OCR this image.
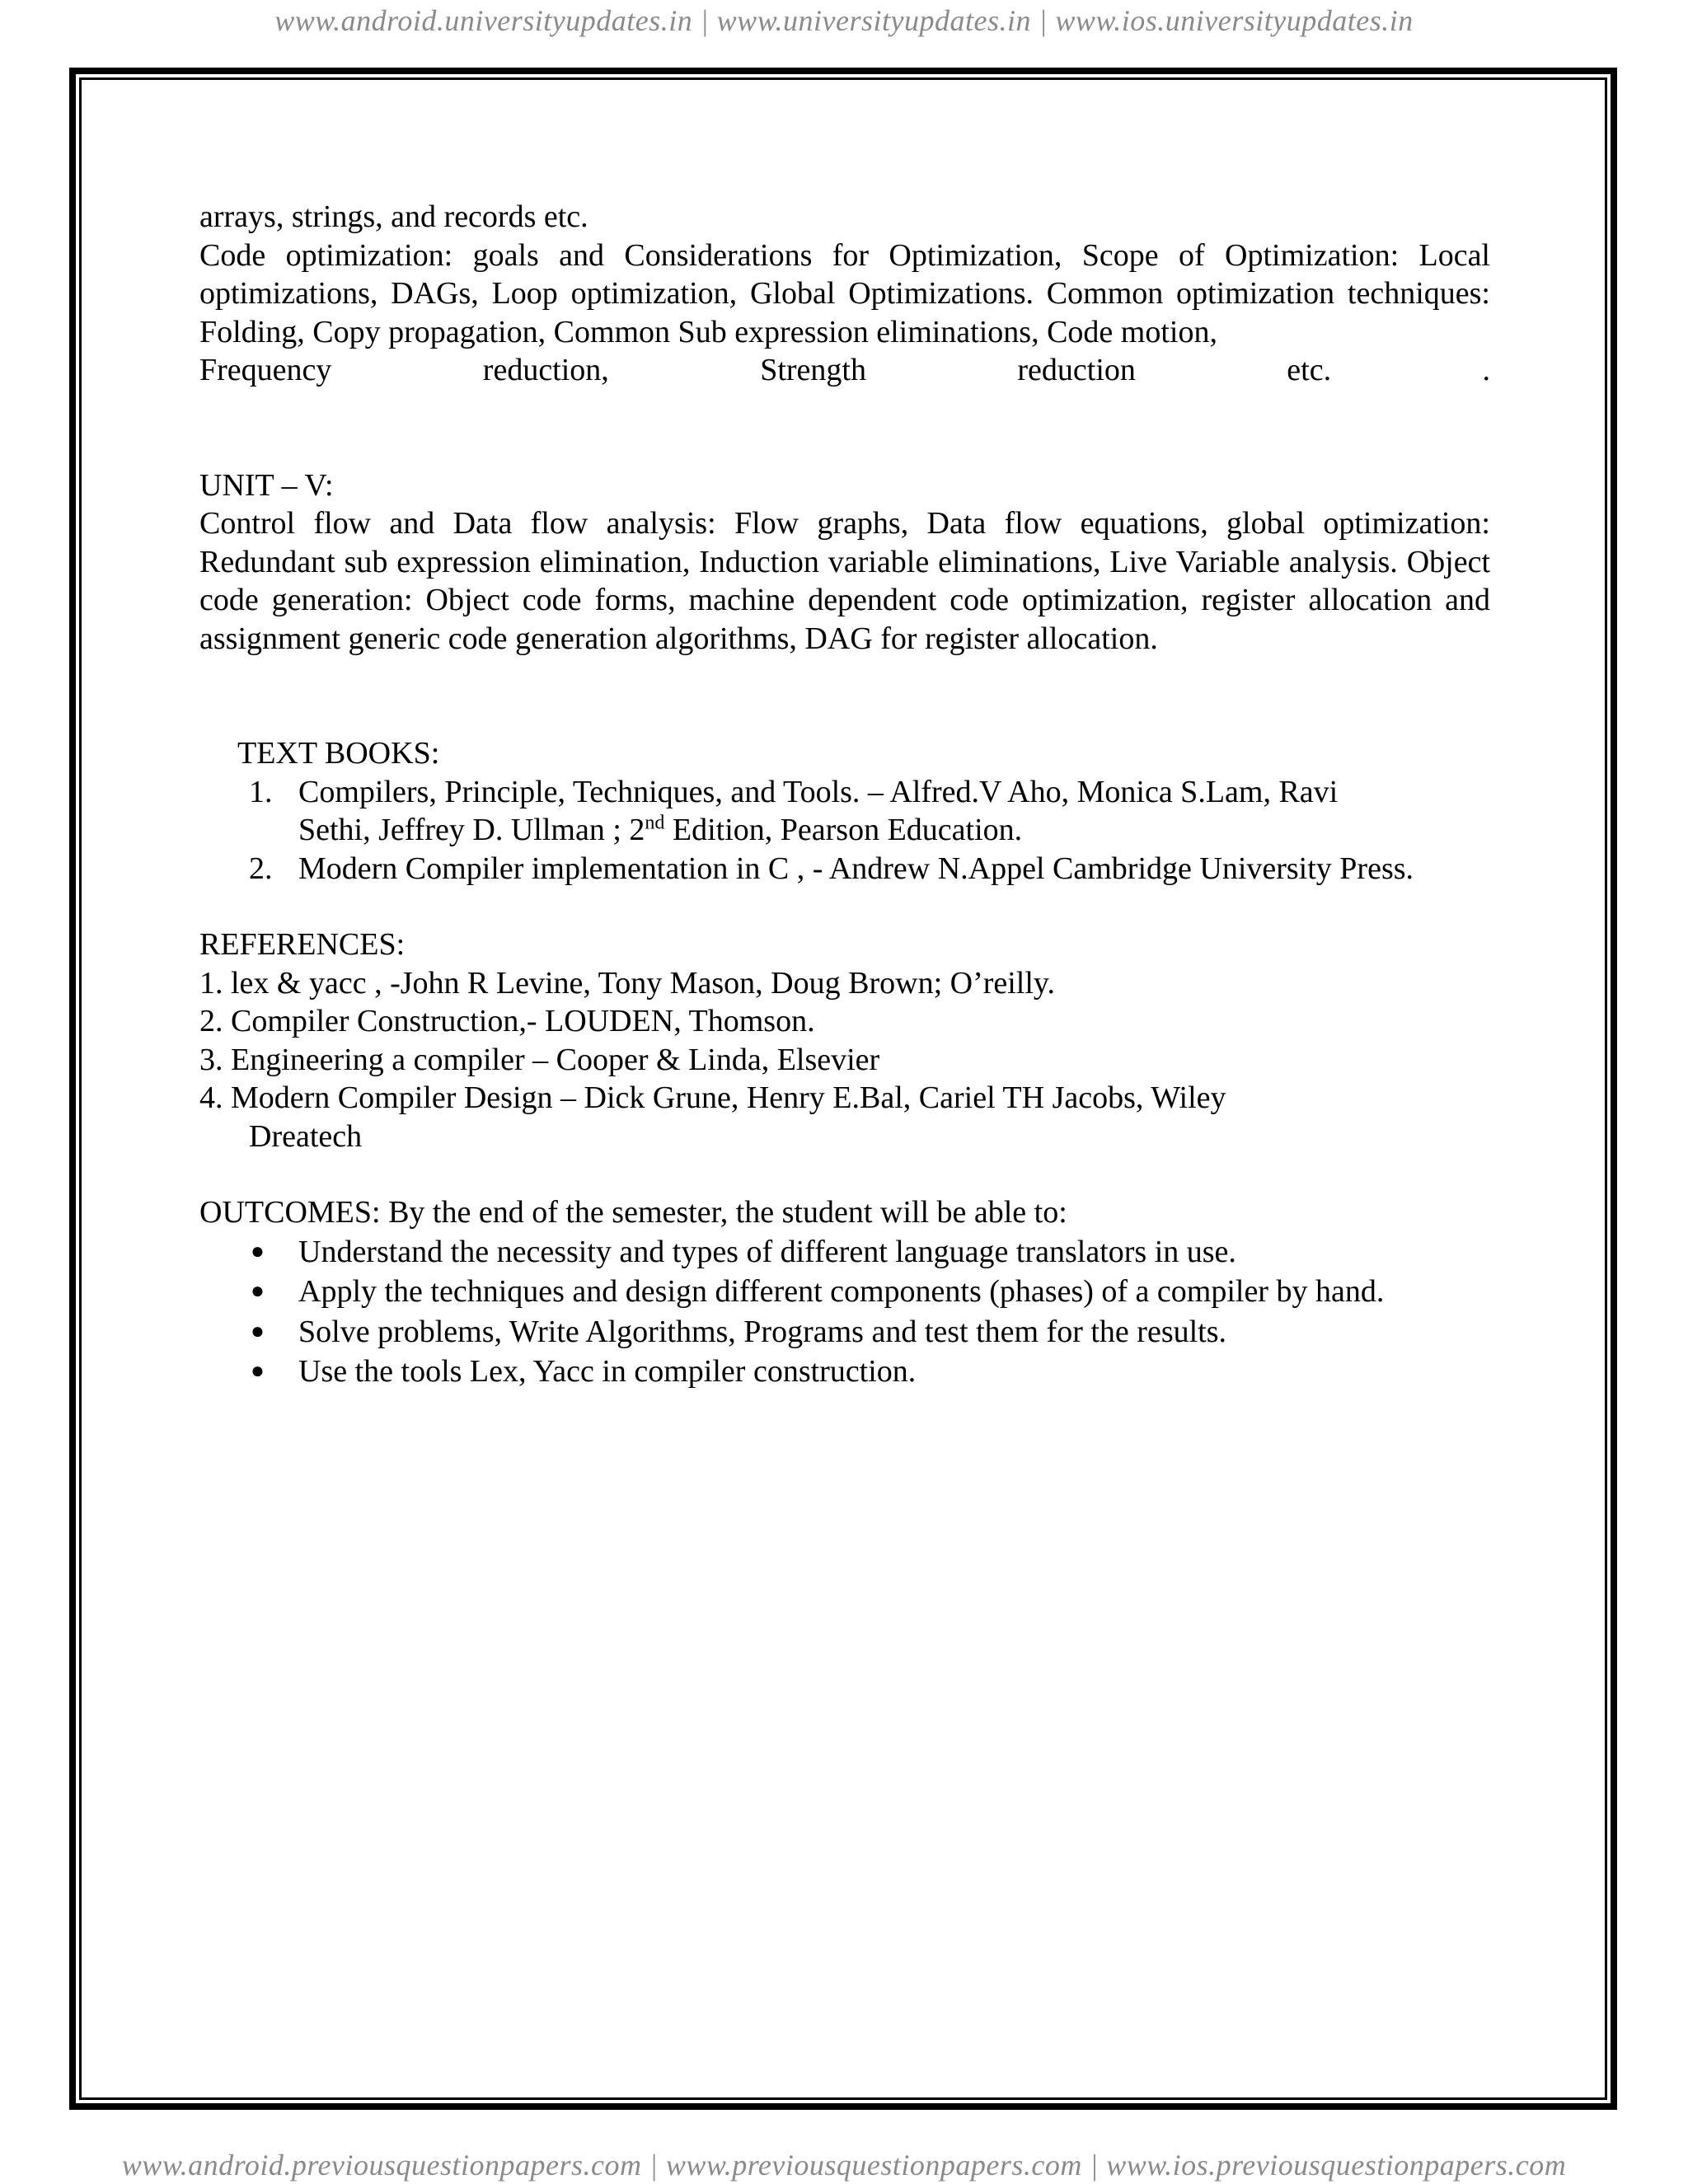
www.android.universityupdates.in | www.universityupdates.in | www.ios.universityupdates.in

arrays, strings, and records etc.

Code optimization: goals and Considerations for Optimization, Scope of Optimization: Local optimizations, DAGs, Loop optimization, Global Optimizations. Common optimization techniques: Folding, Copy propagation, Common Sub expression eliminations, Code motion,

Frequency reduction, Strength reduction etc. .

UNIT – V:

Control flow and Data flow analysis: Flow graphs, Data flow equations, global optimization: Redundant sub expression elimination, Induction variable eliminations, Live Variable analysis. Object code generation: Object code forms, machine dependent code optimization, register allocation and assignment generic code generation algorithms, DAG for register allocation.

TEXT BOOKS:

1. Compilers, Principle, Techniques, and Tools. – Alfred.V Aho, Monica S.Lam, Ravi
Sethi, Jeffrey D. Ullman ; 2nd Edition, Pearson Education.
2. Modern Compiler implementation in C , - Andrew N.Appel Cambridge University Press.

REFERENCES:

1. lex & yacc , -John R Levine, Tony Mason, Doug Brown; O’reilly.

2. Compiler Construction,- LOUDEN, Thomson.

3. Engineering a compiler – Cooper & Linda, Elsevier

4. Modern Compiler Design – Dick Grune, Henry E.Bal, Cariel TH Jacobs, Wiley

Dreatech

OUTCOMES: By the end of the semester, the student will be able to:

● Understand the necessity and types of different language translators in use.
● Apply the techniques and design different components (phases) of a compiler by hand.
● Solve problems, Write Algorithms, Programs and test them for the results.
● Use the tools Lex, Yacc in compiler construction.
www.android.previousquestionpapers.com | www.previousquestionpapers.com | www.ios.previousquestionpapers.com
